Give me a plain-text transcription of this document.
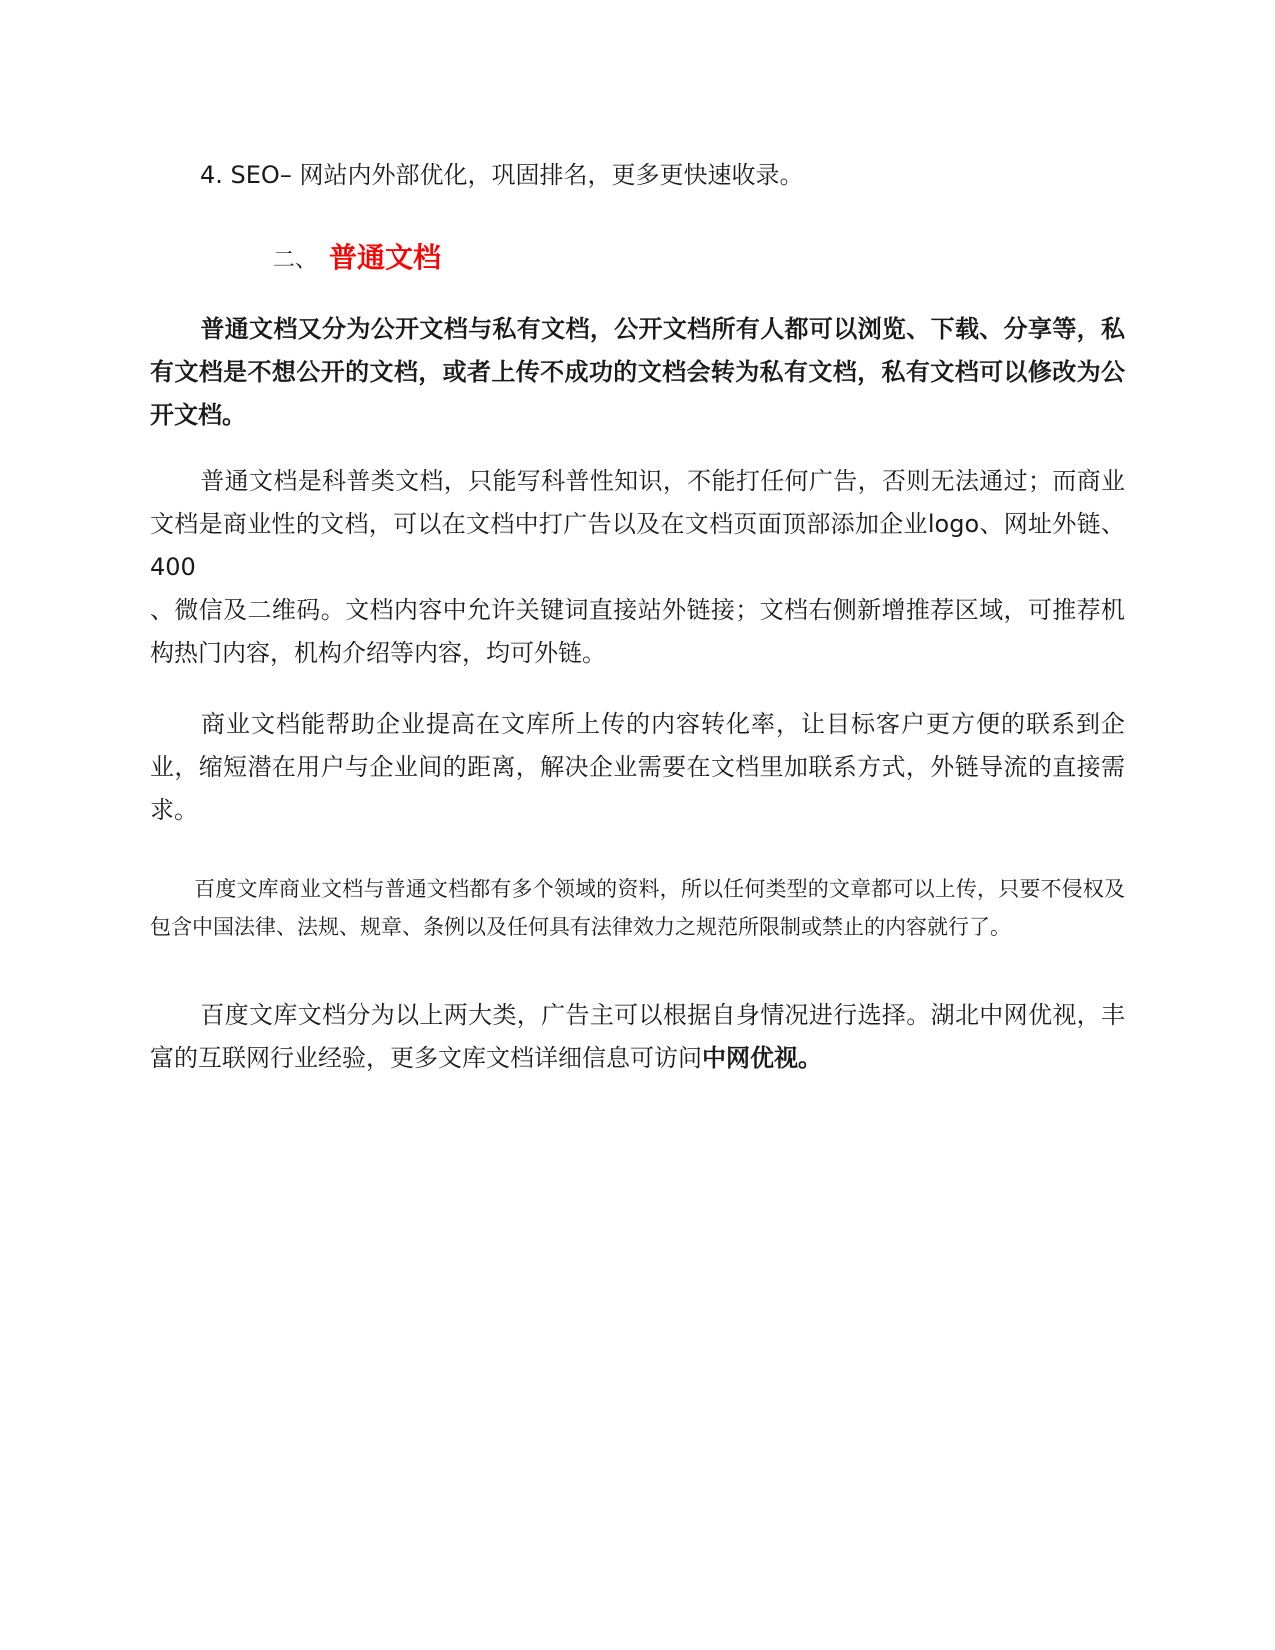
4. SEO– 网站内外部优化，巩固排名，更多更快速收录。
二、 普通文档
普通文档又分为公开文档与私有文档，公开文档所有人都可以浏览、下载、分享等，私有文档是不想公开的文档，或者上传不成功的文档会转为私有文档，私有文档可以修改为公开文档。
普通文档是科普类文档，只能写科普性知识，不能打任何广告，否则无法通过；而商业文档是商业性的文档，可以在文档中打广告以及在文档页面顶部添加企业logo、网址外链、400
、微信及二维码。文档内容中允许关键词直接站外链接；文档右侧新增推荐区域，可推荐机构热门内容，机构介绍等内容，均可外链。
商业文档能帮助企业提高在文库所上传的内容转化率，让目标客户更方便的联系到企业，缩短潜在用户与企业间的距离，解决企业需要在文档里加联系方式，外链导流的直接需求。
百度文库商业文档与普通文档都有多个领域的资料，所以任何类型的文章都可以上传，只要不侵权及包含中国法律、法规、规章、条例以及任何具有法律效力之规范所限制或禁止的内容就行了。
百度文库文档分为以上两大类，广告主可以根据自身情况进行选择。湖北中网优视，丰富的互联网行业经验，更多文库文档详细信息可访问中网优视。
